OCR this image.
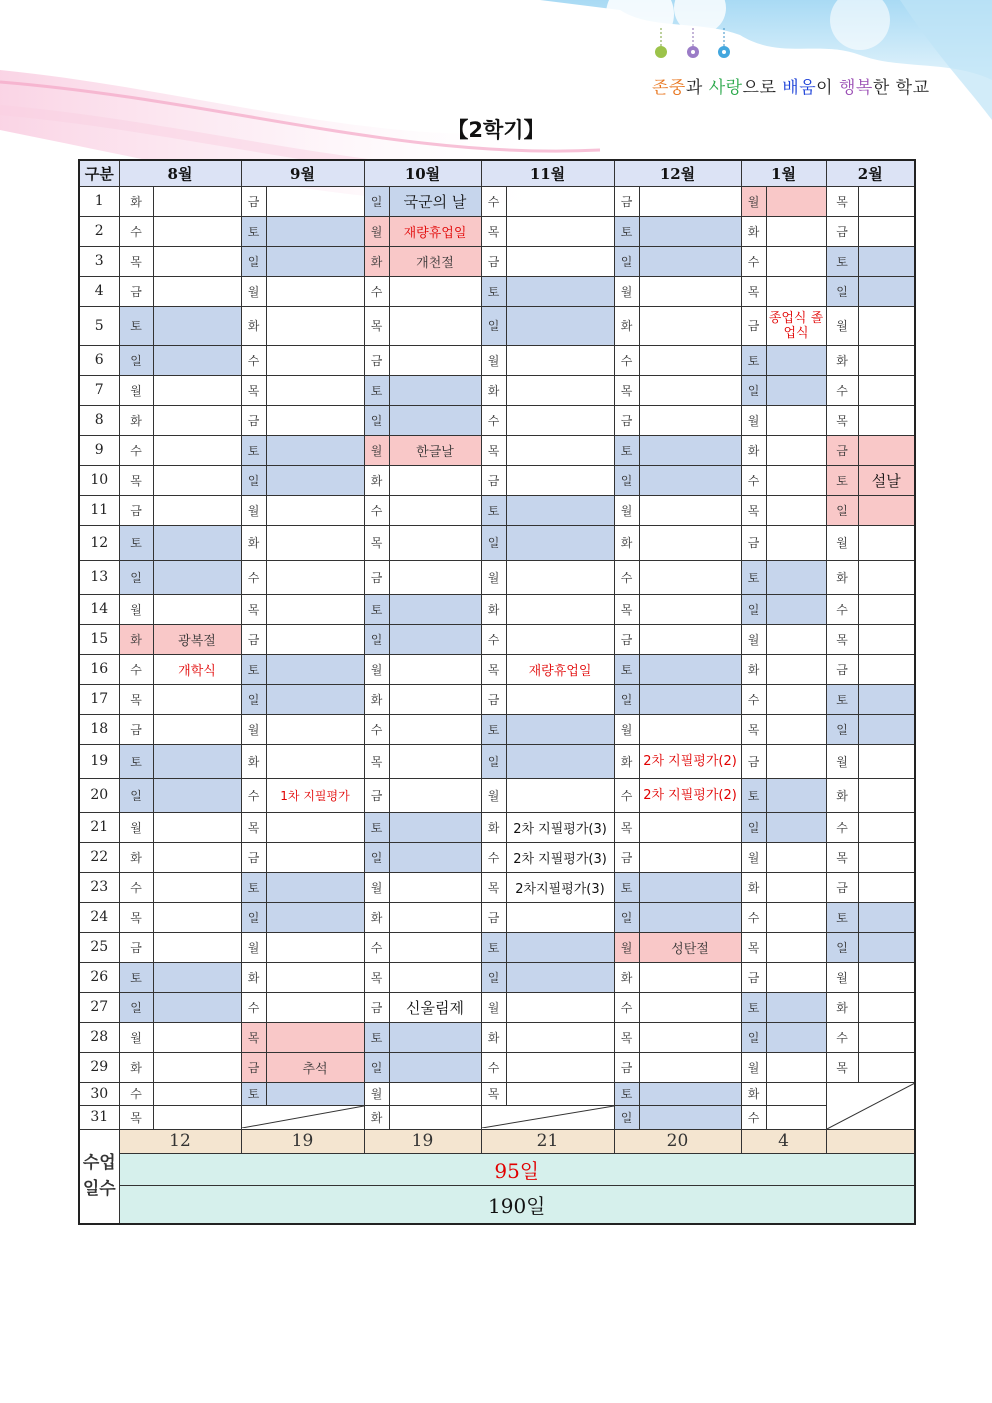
존중과 사랑으로 배움이 행복한 학교
【2학기】
구분	8월		9월		10월		11월		12월		1월		2월	
1	화		금		일	국군의 날	수		금		월		목	
2	수		토		월	재량휴업일	목		토		화		금	
3	목		일		화	개천절	금		일		수		토	
4	금		월		수		토		월		목		일	
5	토		화		목		일		화		금	종업식 졸업식	월	
6	일		수		금		월		수		토		화	
7	월		목		토		화		목		일		수	
8	화		금		일		수		금		월		목	
9	수		토		월	한글날	목		토		화		금	
10	목		일		화		금		일		수		토	설날
11	금		월		수		토		월		목		일	
12	토		화		목		일		화		금		월	
13	일		수		금		월		수		토		화	
14	월		목		토		화		목		일		수	
15	화	광복절	금		일		수		금		월		목	
16	수	개학식	토		월		목	재량휴업일	토		화		금	
17	목		일		화		금		일		수		토	
18	금		월		수		토		월		목		일	
19	토		화		목		일		화	2차 지필평가(2)	금		월	
20	일		수	1차 지필평가	금		월		수	2차 지필평가(2)	토		화	
21	월		목		토		화	2차 지필평가(3)	목		일		수	
22	화		금		일		수	2차 지필평가(3)	금		월		목	
23	수		토		월		목	2차지필평가(3)	토		화		금	
24	목		일		화		금		일		수		토	
25	금		월		수		토		월	성탄절	목		일	
26	토		화		목		일		화		금		월	
27	일		수		금	신울림제	월		수		토		화	
28	월		목		토		화		목		일		수	
29	화		금	추석	일		수		금		월		목	
30	수		토		월		목		토		화		

31	목				화				일		수			

수업
일수	12		19		19		21		20		4			
	95일													
	190일													
